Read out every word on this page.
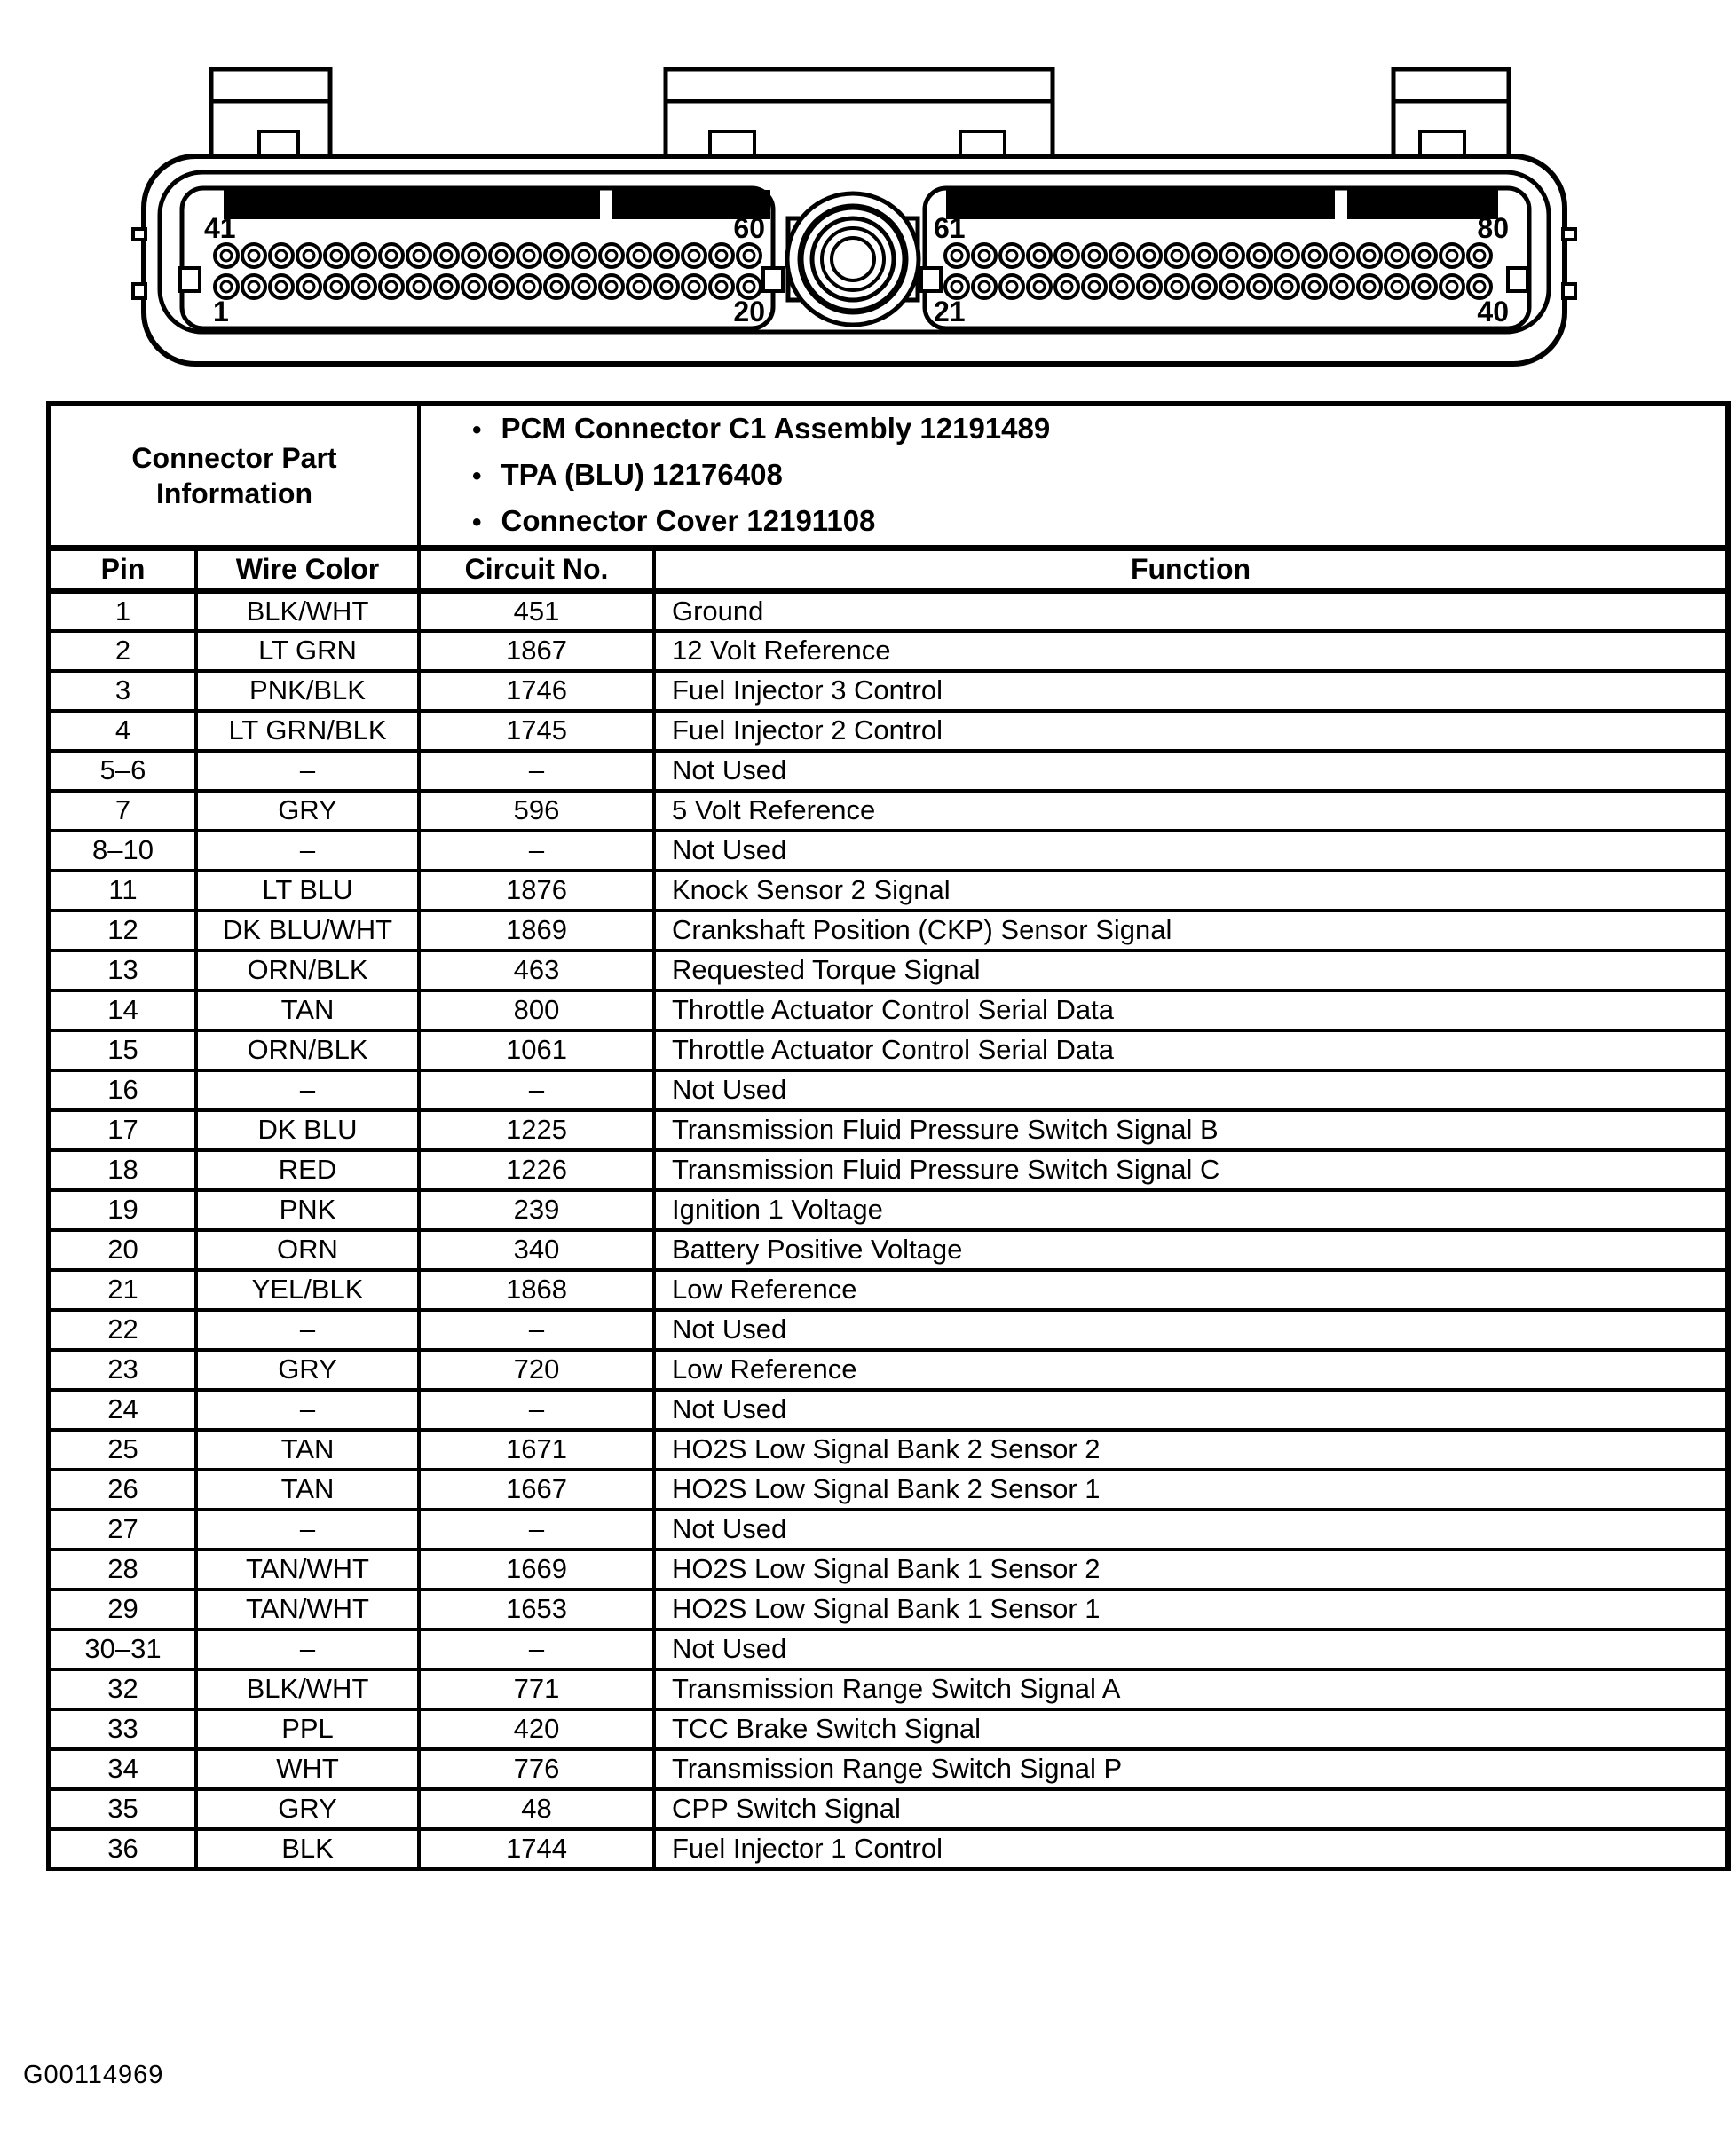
41	60
1	20
61	80
21	40
Connector Part Information

• PCM Connector C1 Assembly 12191489
• TPA (BLU) 12176408
• Connector Cover 12191108

Pin	Wire Color	Circuit No.	Function
1	BLK/WHT	451	Ground
2	LT GRN	1867	12 Volt Reference
3	PNK/BLK	1746	Fuel Injector 3 Control
4	LT GRN/BLK	1745	Fuel Injector 2 Control
5–6	–	–	Not Used
7	GRY	596	5 Volt Reference
8–10	–	–	Not Used
11	LT BLU	1876	Knock Sensor 2 Signal
12	DK BLU/WHT	1869	Crankshaft Position (CKP) Sensor Signal
13	ORN/BLK	463	Requested Torque Signal
14	TAN	800	Throttle Actuator Control Serial Data
15	ORN/BLK	1061	Throttle Actuator Control Serial Data
16	–	–	Not Used
17	DK BLU	1225	Transmission Fluid Pressure Switch Signal B
18	RED	1226	Transmission Fluid Pressure Switch Signal C
19	PNK	239	Ignition 1 Voltage
20	ORN	340	Battery Positive Voltage
21	YEL/BLK	1868	Low Reference
22	–	–	Not Used
23	GRY	720	Low Reference
24	–	–	Not Used
25	TAN	1671	HO2S Low Signal Bank 2 Sensor 2
26	TAN	1667	HO2S Low Signal Bank 2 Sensor 1
27	–	–	Not Used
28	TAN/WHT	1669	HO2S Low Signal Bank 1 Sensor 2
29	TAN/WHT	1653	HO2S Low Signal Bank 1 Sensor 1
30–31	–	–	Not Used
32	BLK/WHT	771	Transmission Range Switch Signal A
33	PPL	420	TCC Brake Switch Signal
34	WHT	776	Transmission Range Switch Signal P
35	GRY	48	CPP Switch Signal
36	BLK	1744	Fuel Injector 1 Control
G00114969
